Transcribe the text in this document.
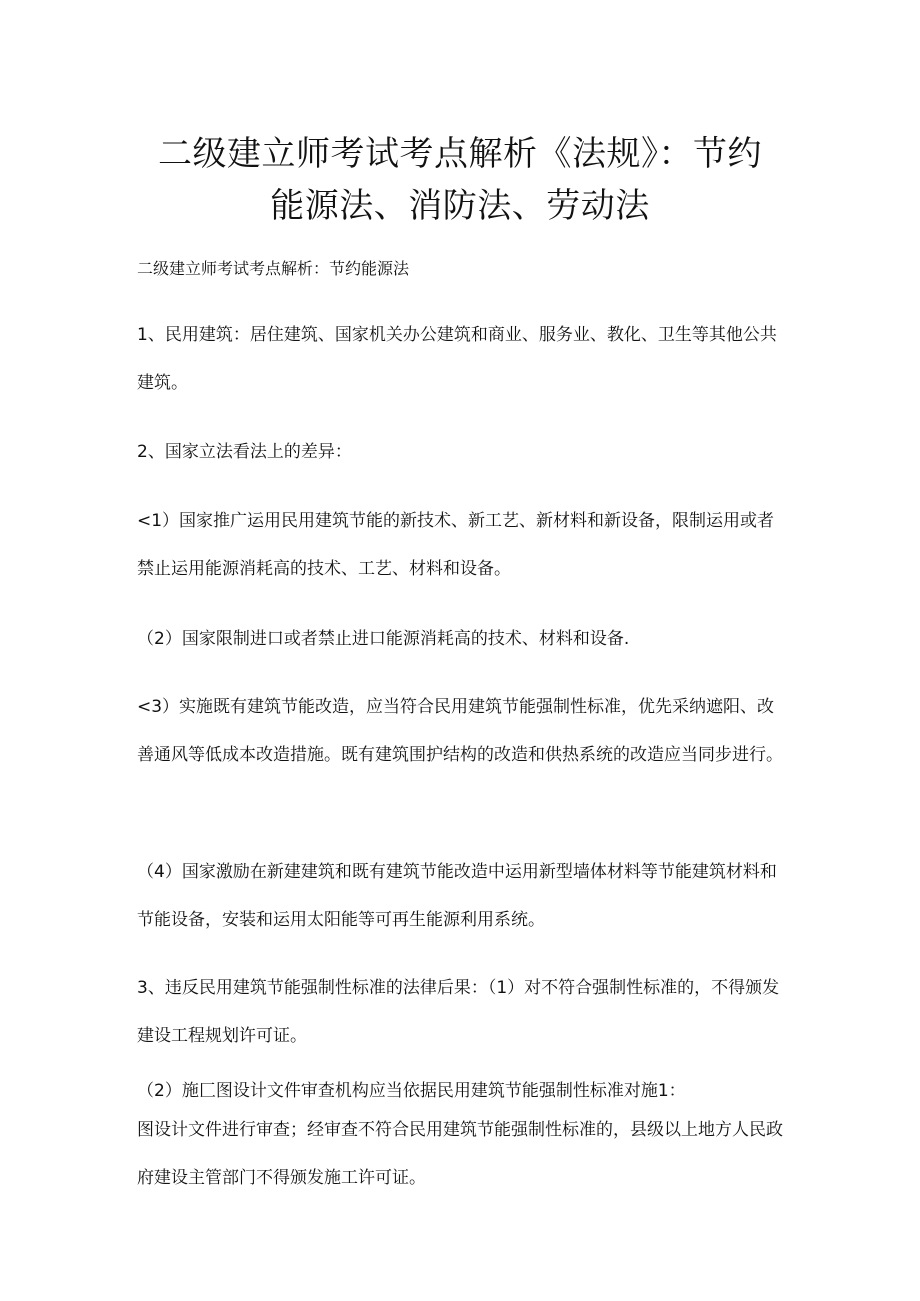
二级建立师考试考点解析《法规》：节约
能源法、消防法、劳动法

二级建立师考试考点解析：节约能源法

1、民用建筑：居住建筑、国家机关办公建筑和商业、服务业、教化、卫生等其他公共建筑。

2、国家立法看法上的差异：

<1）国家推广运用民用建筑节能的新技术、新工艺、新材料和新设备，限制运用或者禁止运用能源消耗高的技术、工艺、材料和设备。

（2）国家限制进口或者禁止进口能源消耗高的技术、材料和设备.

<3）实施既有建筑节能改造，应当符合民用建筑节能强制性标准，优先采纳遮阳、改善通风等低成本改造措施。既有建筑围护结构的改造和供热系统的改造应当同步进行。

（4）国家激励在新建建筑和既有建筑节能改造中运用新型墙体材料等节能建筑材料和节能设备，安装和运用太阳能等可再生能源利用系统。

3、违反民用建筑节能强制性标准的法律后果：（1）对不符合强制性标准的，不得颁发建设工程规划许可证。

（2）施匚图设计文件审查机构应当依据民用建筑节能强制性标准对施1：

图设计文件进行审查；经审查不符合民用建筑节能强制性标准的，县级以上地方人民政府建设主管部门不得颁发施工许可证。
